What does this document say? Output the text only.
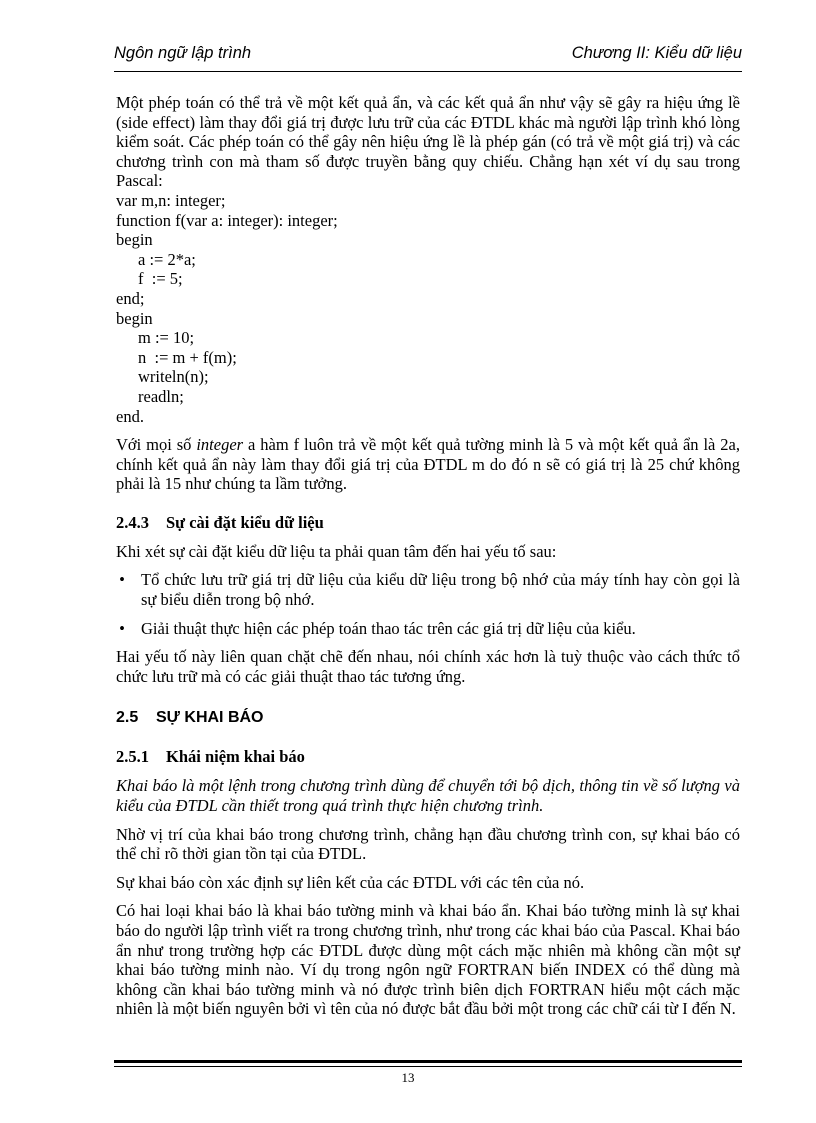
Ngôn ngữ lập trình	Chương II: Kiểu dữ liệu

Một phép toán có thể trả về một kết quả ẩn, và các kết quả ẩn như vậy sẽ gây ra hiệu ứng lề (side effect) làm thay đổi giá trị được lưu trữ của các ĐTDL khác mà người lập trình khó lòng kiểm soát. Các phép toán có thể gây nên hiệu ứng lề là phép gán (có trả về một giá trị) và các chương trình con mà tham số được truyền bằng quy chiếu. Chẳng hạn xét ví dụ sau trong Pascal:

var m,n: integer;
function f(var a: integer): integer;
begin
a := 2*a;
f  := 5;
end;
begin
m := 10;
n  := m + f(m);
writeln(n);
readln;
end.

Với mọi số integer a hàm f luôn trả về một kết quả tường minh là 5 và một kết quả ẩn là 2a, chính kết quả ẩn này làm thay đổi giá trị của ĐTDL m do đó n sẽ có giá trị là 25 chứ không phải là 15 như chúng ta lầm tưởng.

2.4.3 Sự cài đặt kiểu dữ liệu

Khi xét sự cài đặt kiểu dữ liệu ta phải quan tâm đến hai yếu tố sau:

• Tổ chức lưu trữ giá trị dữ liệu của kiểu dữ liệu trong bộ nhớ của máy tính hay còn gọi là sự biểu diễn trong bộ nhớ.
• Giải thuật thực hiện các phép toán thao tác trên các giá trị dữ liệu của kiểu.

Hai yếu tố này liên quan chặt chẽ đến nhau, nói chính xác hơn là tuỳ thuộc vào cách thức tổ chức lưu trữ mà có các giải thuật thao tác tương ứng.

2.5 SỰ KHAI BÁO
2.5.1 Khái niệm khai báo

Khai báo là một lệnh trong chương trình dùng để chuyển tới bộ dịch, thông tin về số lượng và kiểu của ĐTDL cần thiết trong quá trình thực hiện chương trình.

Nhờ vị trí của khai báo trong chương trình, chẳng hạn đầu chương trình con, sự khai báo có thể chỉ rõ thời gian tồn tại của ĐTDL.

Sự khai báo còn xác định sự liên kết của các ĐTDL với các tên của nó.

Có hai loại khai báo là khai báo tường minh và khai báo ẩn. Khai báo tường minh là sự khai báo do người lập trình viết ra trong chương trình, như trong các khai báo của Pascal. Khai báo ẩn như trong trường hợp các ĐTDL được dùng một cách mặc nhiên mà không cần một sự khai báo tường minh nào. Ví dụ trong ngôn ngữ FORTRAN biến INDEX có thể dùng mà không cần khai báo tường minh và nó được trình biên dịch FORTRAN hiểu một cách mặc nhiên là một biến nguyên bởi vì tên của nó được bắt đầu bởi một trong các chữ cái từ I đến N.

13
